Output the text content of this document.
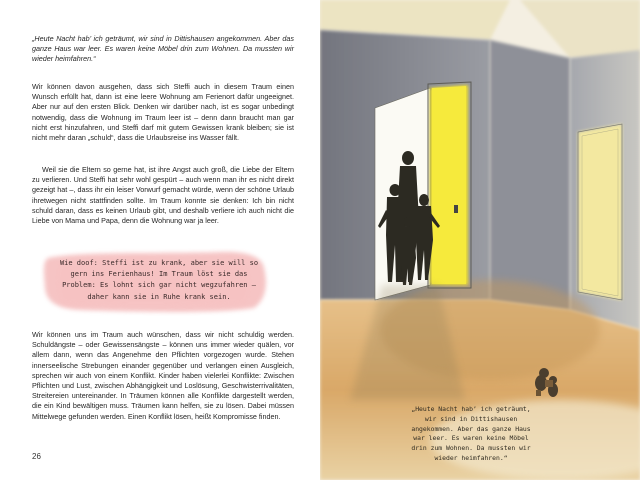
„Heute Nacht hab’ ich geträumt, wir sind in Dittishausen angekommen. Aber das ganze Haus war leer. Es waren keine Möbel drin zum Wohnen. Da mussten wir wieder heimfahren.“

Wir können davon ausgehen, dass sich Steffi auch in diesem Traum einen Wunsch erfüllt hat, dann ist eine leere Wohnung am Ferienort dafür ungeeignet. Aber nur auf den ersten Blick. Denken wir darüber nach, ist es sogar unbedingt notwendig, dass die Wohnung im Traum leer ist – denn dann braucht man gar nicht erst hinzufahren, und Steffi darf mit gutem Gewissen krank bleiben; sie ist nicht mehr daran „schuld“, dass die Urlaubsreise ins Wasser fällt.

Weil sie die Eltern so gerne hat, ist ihre Angst auch groß, die Liebe der Eltern zu verlieren. Und Steffi hat sehr wohl gespürt – auch wenn man ihr es nicht direkt gezeigt hat –, dass ihr ein leiser Vorwurf gemacht würde, wenn der schöne Urlaub ihretwegen nicht stattfinden sollte. Im Traum konnte sie denken: Ich bin nicht schuld daran, dass es keinen Urlaub gibt, und deshalb verliere ich auch nicht die Liebe von Mama und Papa, denn die Wohnung war ja leer.

Wie doof: Steffi ist zu krank, aber sie will so gern ins Ferienhaus! Im Traum löst sie das Problem: Es lohnt sich gar nicht wegzufahren – daher kann sie in Ruhe krank sein.

Wir können uns im Traum auch wünschen, dass wir nicht schuldig werden. Schuldängste – oder Gewissensängste – können uns immer wieder quälen, vor allem dann, wenn das Angenehme den Pflichten vorgezogen wurde. Stehen innerseelische Strebungen einander gegenüber und verlangen einen Ausgleich, sprechen wir auch von einem Konflikt. Kinder haben vielerlei Konflikte: Zwischen Pflichten und Lust, zwischen Abhängigkeit und Loslösung, Geschwisterrivalitäten, Streitereien untereinander. In Träumen können alle Konflikte dargestellt werden, die ein Kind bewältigen muss. Träumen kann helfen, sie zu lösen. Dabei müssen Mittelwege gefunden werden. Einen Konflikt lösen, heißt Kompromisse finden.

26

„Heute Nacht hab’ ich geträumt, wir sind in Dittishausen angekommen. Aber das ganze Haus war leer. Es waren keine Möbel drin zum Wohnen. Da mussten wir wieder heimfahren.“
